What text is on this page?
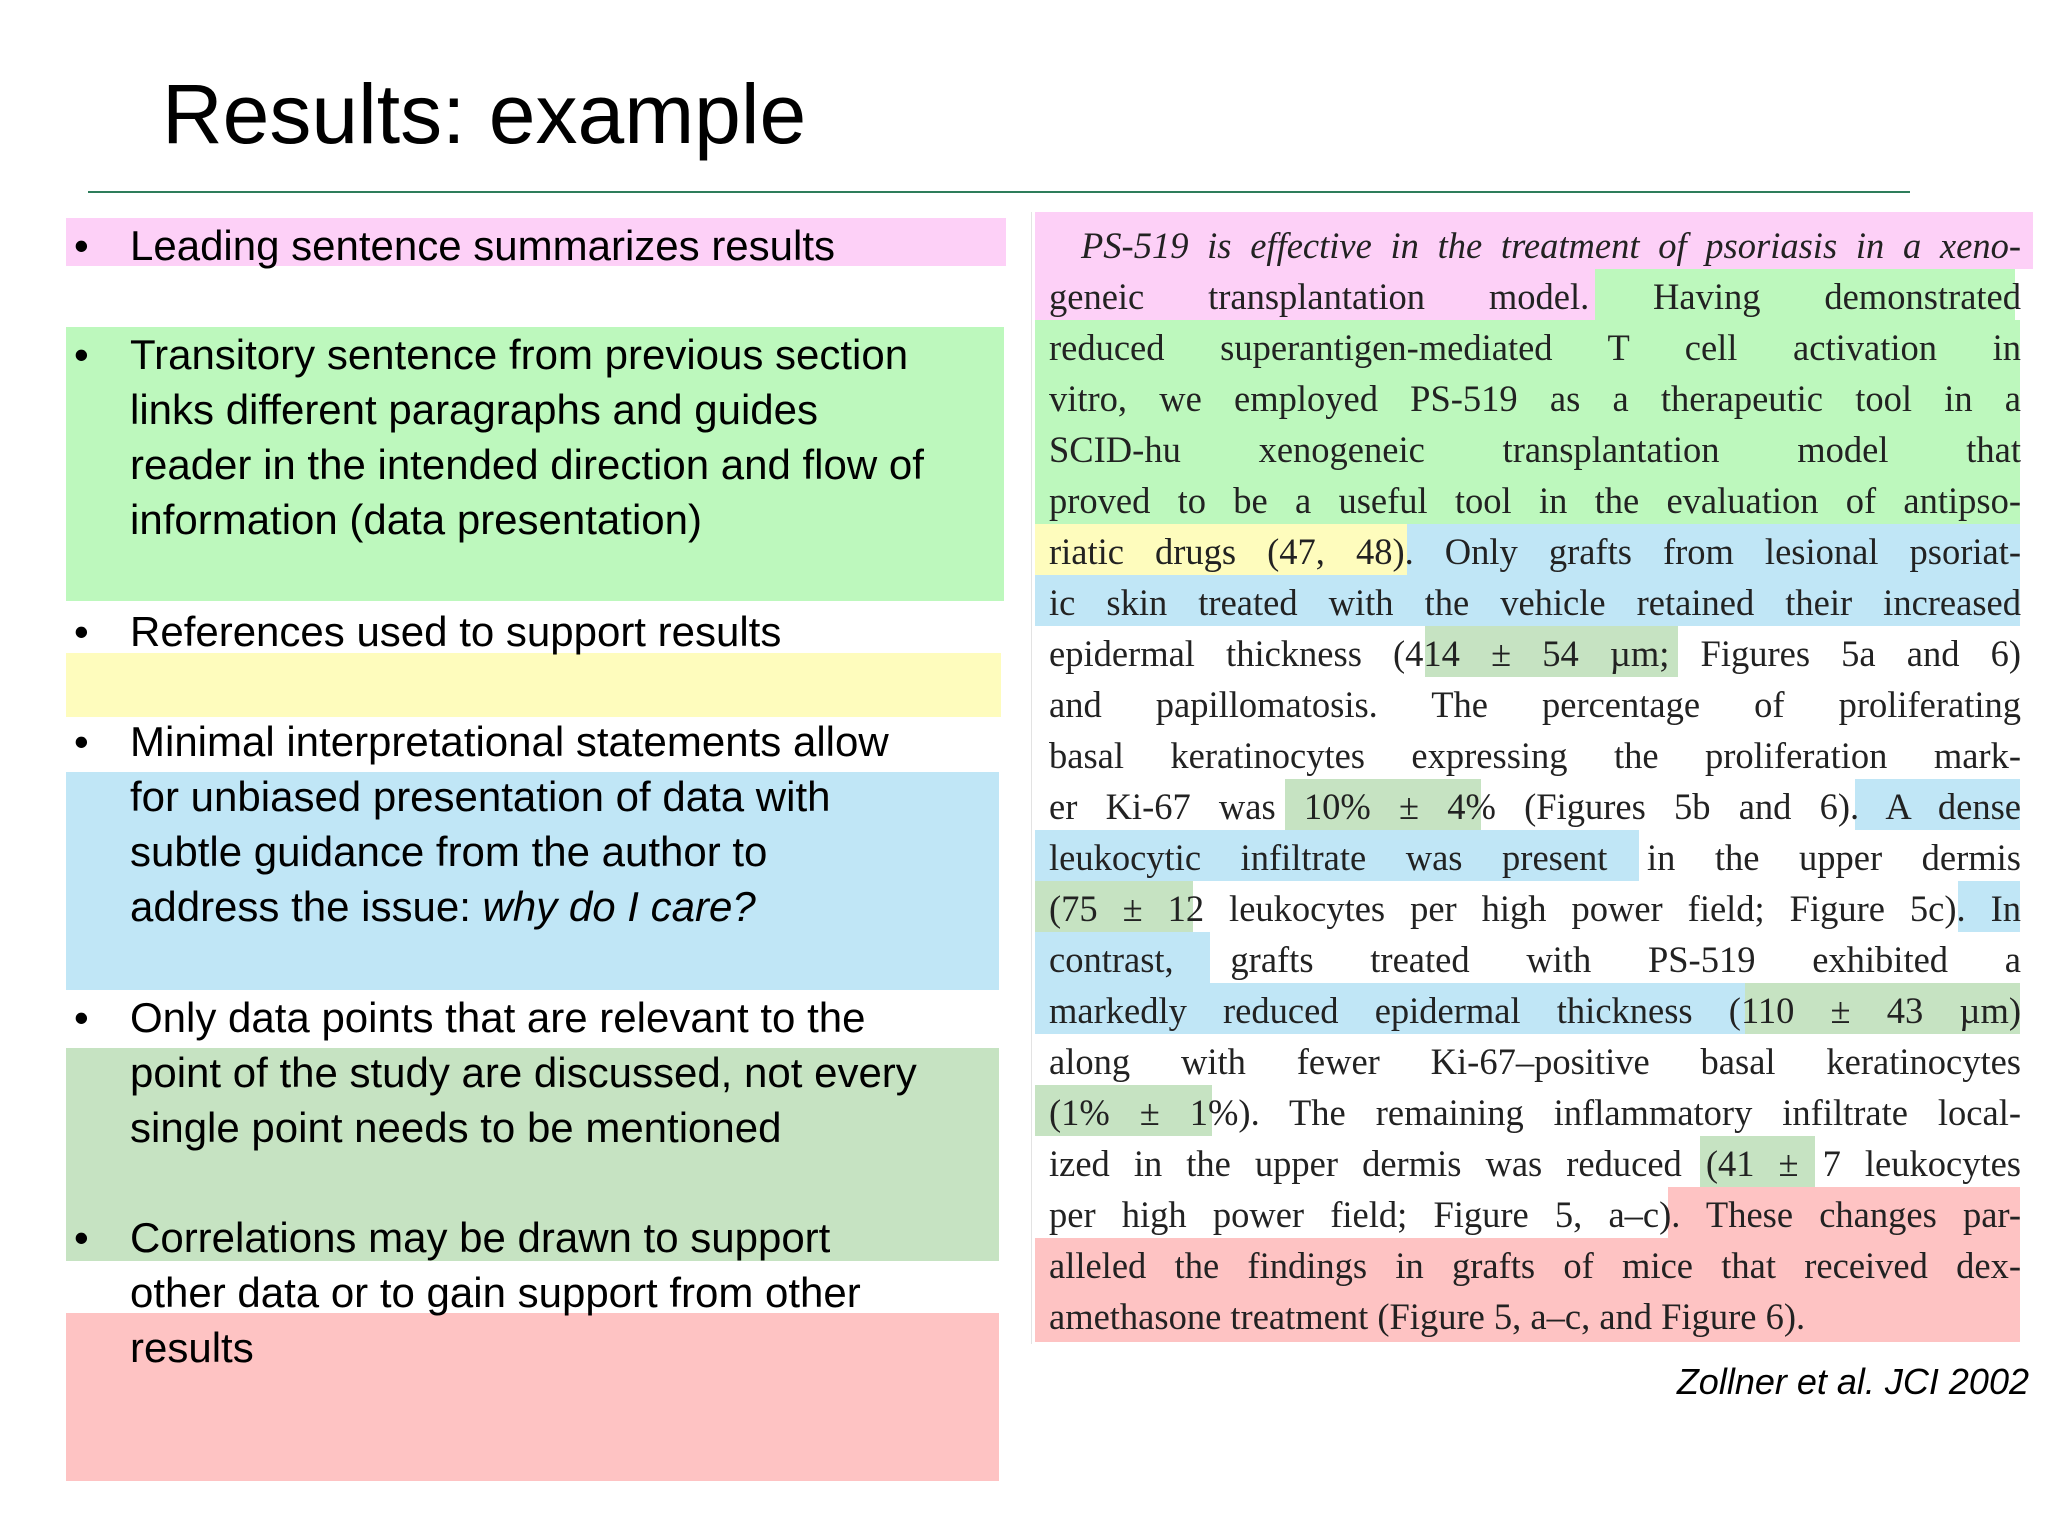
Results: example
• Leading sentence summarizes results

• Transitory sentence from previous section
links different paragraphs and guides
reader in the intended direction and flow of
information (data presentation)

• References used to support results

• Minimal interpretational statements allow
for unbiased presentation of data with
subtle guidance from the author to
address the issue: why do I care?

• Only data points that are relevant to the
point of the study are discussed, not every
single point needs to be mentioned

• Correlations may be drawn to support
other data or to gain support from other
results

PS-519 is effective in the treatment of psoriasis in a xeno-
geneic transplantation model. Having demonstrated
reduced superantigen-mediated T cell activation in
vitro, we employed PS-519 as a therapeutic tool in a
SCID-hu xenogeneic transplantation model that
proved to be a useful tool in the evaluation of antipso-
riatic drugs (47, 48). Only grafts from lesional psoriat-
ic skin treated with the vehicle retained their increased
epidermal thickness (414 ± 54 µm; Figures 5a and 6)
and papillomatosis. The percentage of proliferating
basal keratinocytes expressing the proliferation mark-
er Ki-67 was 10% ± 4% (Figures 5b and 6). A dense
leukocytic infiltrate was present in the upper dermis
(75 ± 12 leukocytes per high power field; Figure 5c). In
contrast, grafts treated with PS-519 exhibited a
markedly reduced epidermal thickness (110 ± 43 µm)
along with fewer Ki-67–positive basal keratinocytes
(1% ± 1%). The remaining inflammatory infiltrate local-
ized in the upper dermis was reduced (41 ± 7 leukocytes
per high power field; Figure 5, a–c). These changes par-
alleled the findings in grafts of mice that received dex-
amethasone treatment (Figure 5, a–c, and Figure 6).

Zollner et al. JCI 2002
